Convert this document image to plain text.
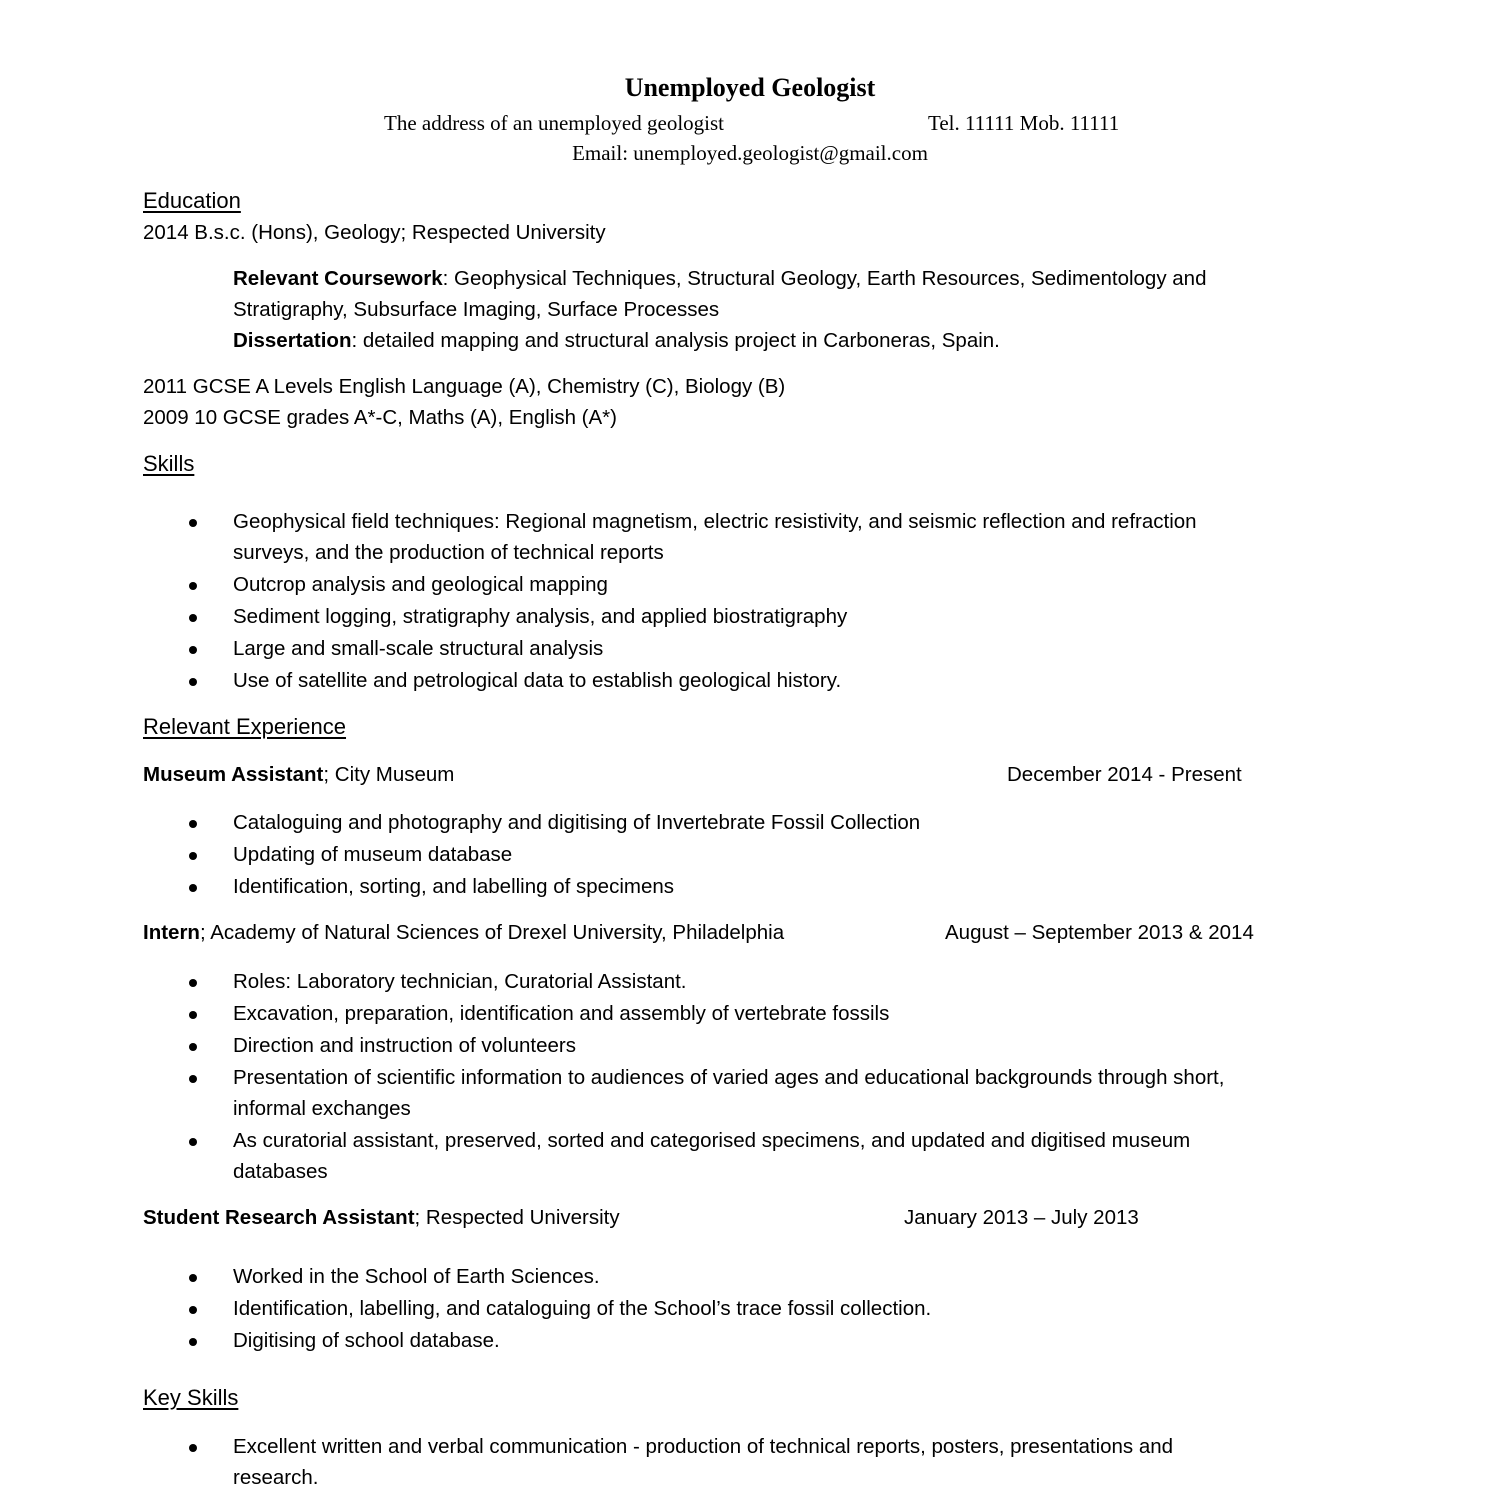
Unemployed Geologist
The address of an unemployed geologist	Tel. 11111 Mob. 11111
Email: unemployed.geologist@gmail.com
Education
2014 B.s.c. (Hons), Geology; Respected University
Relevant Coursework: Geophysical Techniques, Structural Geology, Earth Resources, Sedimentology and
Stratigraphy, Subsurface Imaging, Surface Processes
Dissertation: detailed mapping and structural analysis project in Carboneras, Spain.
2011 GCSE A Levels English Language (A), Chemistry (C), Biology (B)
2009 10 GCSE grades A*-C, Maths (A), English (A*)
Skills
Geophysical field techniques: Regional magnetism, electric resistivity, and seismic reflection and refraction
surveys, and the production of technical reports
Outcrop analysis and geological mapping
Sediment logging, stratigraphy analysis, and applied biostratigraphy
Large and small-scale structural analysis
Use of satellite and petrological data to establish geological history.
Relevant Experience
Museum Assistant; City Museum	December 2014 - Present
Cataloguing and photography and digitising of Invertebrate Fossil Collection
Updating of museum database
Identification, sorting, and labelling of specimens
Intern; Academy of Natural Sciences of Drexel University, Philadelphia	August – September 2013 & 2014
Roles: Laboratory technician, Curatorial Assistant.
Excavation, preparation, identification and assembly of vertebrate fossils
Direction and instruction of volunteers
Presentation of scientific information to audiences of varied ages and educational backgrounds through short,
informal exchanges
As curatorial assistant, preserved, sorted and categorised specimens, and updated and digitised museum
databases
Student Research Assistant; Respected University	January 2013 – July 2013
Worked in the School of Earth Sciences.
Identification, labelling, and cataloguing of the School’s trace fossil collection.
Digitising of school database.
Key Skills
Excellent written and verbal communication - production of technical reports, posters, presentations and
research.
